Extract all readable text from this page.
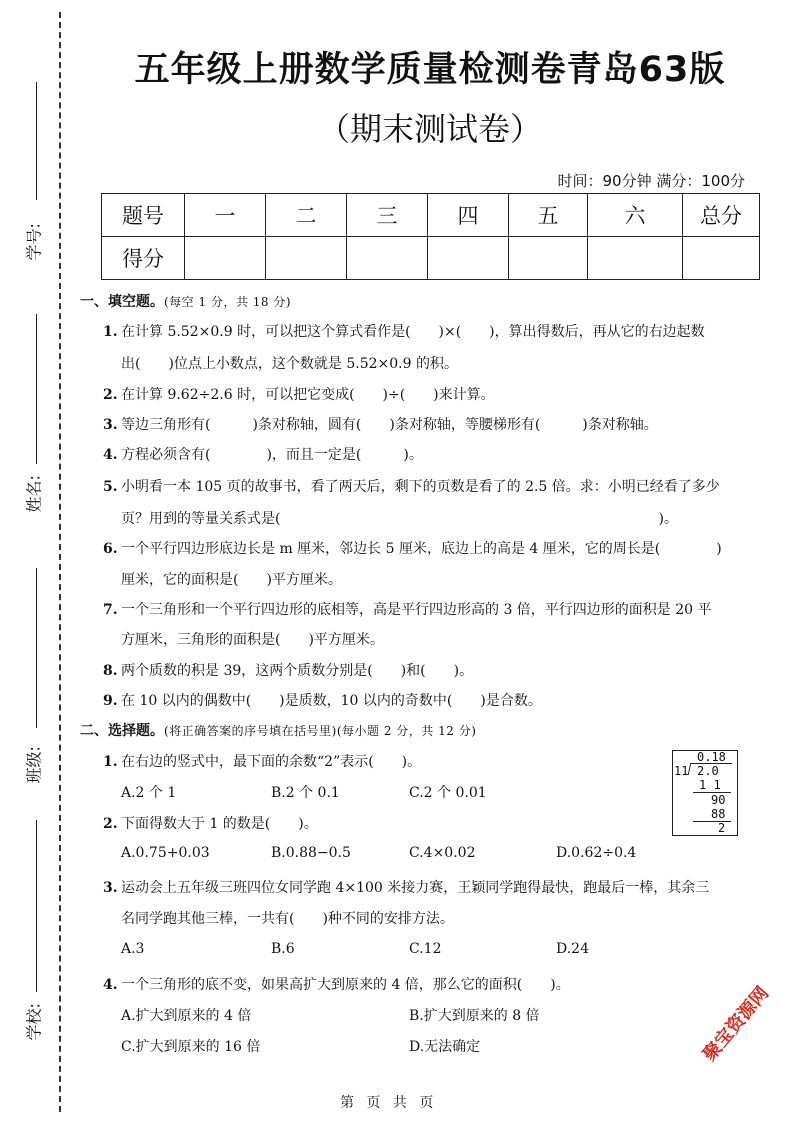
学号:
姓名:
班级:
学校:
五年级上册数学质量检测卷青岛63版
（期末测试卷）
时间：90分钟 满分：100分
题号	一	二	三	四	五	六	总分
得分							
一、填空题。(每空 1 分，共 18 分)
1. 在计算 5.52×0.9 时，可以把这个算式看作是(　　)×(　　)，算出得数后，再从它的右边起数
出(　　)位点上小数点，这个数就是 5.52×0.9 的积。
2. 在计算 9.62÷2.6 时，可以把它变成(　　)÷(　　)来计算。
3. 等边三角形有(　　　)条对称轴，圆有(　　)条对称轴，等腰梯形有(　　　)条对称轴。
4. 方程必须含有(　　　　)，而且一定是(　　　)。
5. 小明看一本 105 页的故事书，看了两天后，剩下的页数是看了的 2.5 倍。求：小明已经看了多少
页？用到的等量关系式是(　　　　　　　　　　　　　　　　　　　　　　　　　　　)。
6. 一个平行四边形底边长是 m 厘米，邻边长 5 厘米，底边上的高是 4 厘米，它的周长是(　　　　)
厘米，它的面积是(　　)平方厘米。
7. 一个三角形和一个平行四边形的底相等，高是平行四边形高的 3 倍，平行四边形的面积是 20 平
方厘米，三角形的面积是(　　)平方厘米。
8. 两个质数的积是 39，这两个质数分别是(　　)和(　　)。
9. 在 10 以内的偶数中(　　)是质数，10 以内的奇数中(　　)是合数。
二、选择题。(将正确答案的序号填在括号里)(每小题 2 分，共 12 分)
1. 在右边的竖式中，最下面的余数“2”表示(　　)。
A.2 个 1	B.2 个 0.1	C.2 个 0.01
2. 下面得数大于 1 的数是(　　)。
A.0.75+0.03	B.0.88−0.5	C.4×0.02	D.0.62÷0.4
3. 运动会上五年级三班四位女同学跑 4×100 米接力赛，王颖同学跑得最快，跑最后一棒，其余三
名同学跑其他三棒，一共有(　　)种不同的安排方法。
A.3	B.6	C.12	D.24
4. 一个三角形的底不变，如果高扩大到原来的 4 倍，那么它的面积(　　)。
A.扩大到原来的 4 倍	B.扩大到原来的 8 倍
C.扩大到原来的 16 倍	D.无法确定
0.18
11 2.0
1 1
90
88
2
聚宝资源网
第 页 共 页
